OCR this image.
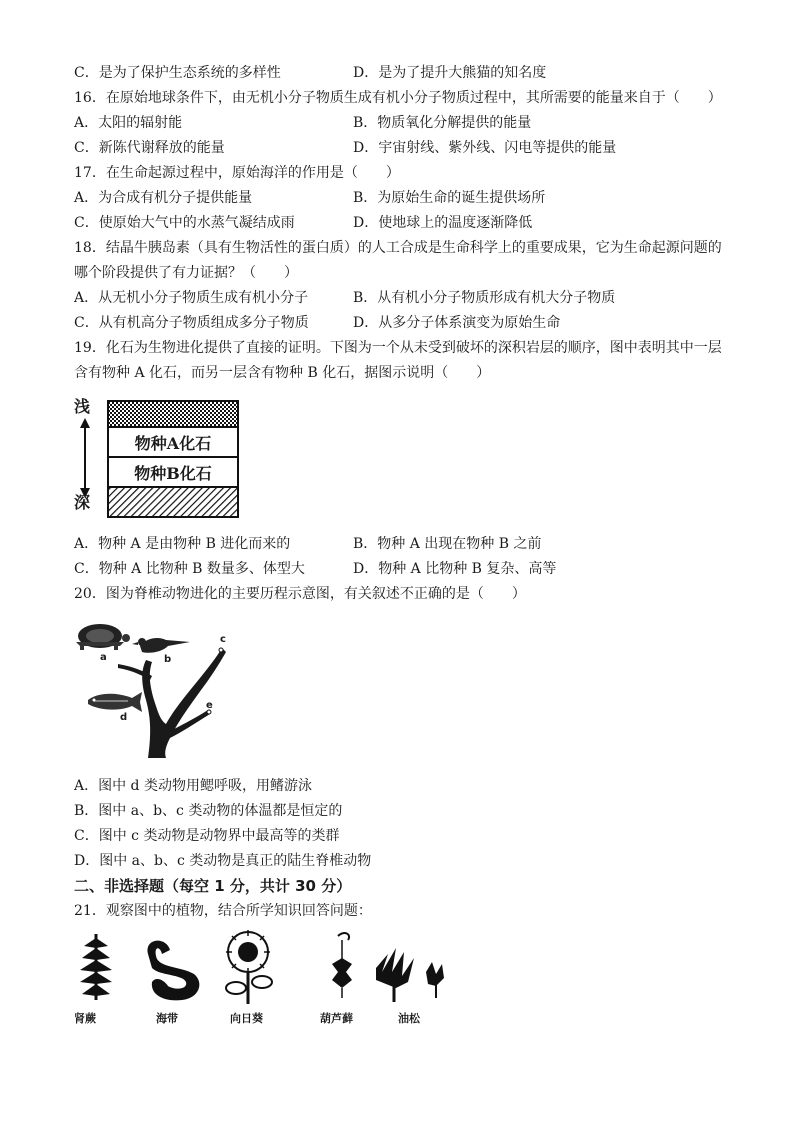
C．是为了保护生态系统的多样性	D．是为了提升大熊猫的知名度
16．在原始地球条件下，由无机小分子物质生成有机小分子物质过程中，其所需要的能量来自于（　　）
A．太阳的辐射能	B．物质氧化分解提供的能量
C．新陈代谢释放的能量	D．宇宙射线、紫外线、闪电等提供的能量
17．在生命起源过程中，原始海洋的作用是（　　）
A．为合成有机分子提供能量	B．为原始生命的诞生提供场所
C．使原始大气中的水蒸气凝结成雨	D．使地球上的温度逐渐降低
18．结晶牛胰岛素（具有生物活性的蛋白质）的人工合成是生命科学上的重要成果，它为生命起源问题的
哪个阶段提供了有力证据？（　　）
A．从无机小分子物质生成有机小分子	B．从有机小分子物质形成有机大分子物质
C．从有机高分子物质组成多分子物质	D．从多分子体系演变为原始生命
19．化石为生物进化提供了直接的证明。下图为一个从未受到破坏的深积岩层的顺序，图中表明其中一层
含有物种 A 化石，而另一层含有物种 B 化石，据图示说明（　　）
浅
深
物种A化石
物种B化石
A．物种 A 是由物种 B 进化而来的	B．物种 A 出现在物种 B 之前
C．物种 A 比物种 B 数量多、体型大	D．物种 A 比物种 B 复杂、高等
20．图为脊椎动物进化的主要历程示意图，有关叙述不正确的是（　　）
a	b
c
d
e
A．图中 d 类动物用鳃呼吸，用鳍游泳
B．图中 a、b、c 类动物的体温都是恒定的
C．图中 c 类动物是动物界中最高等的类群
D．图中 a、b、c 类动物是真正的陆生脊椎动物
二、非选择题（每空 1 分，共计 30 分）
21．观察图中的植物，结合所学知识回答问题：
肾蕨	海带	向日葵	葫芦藓	油松
